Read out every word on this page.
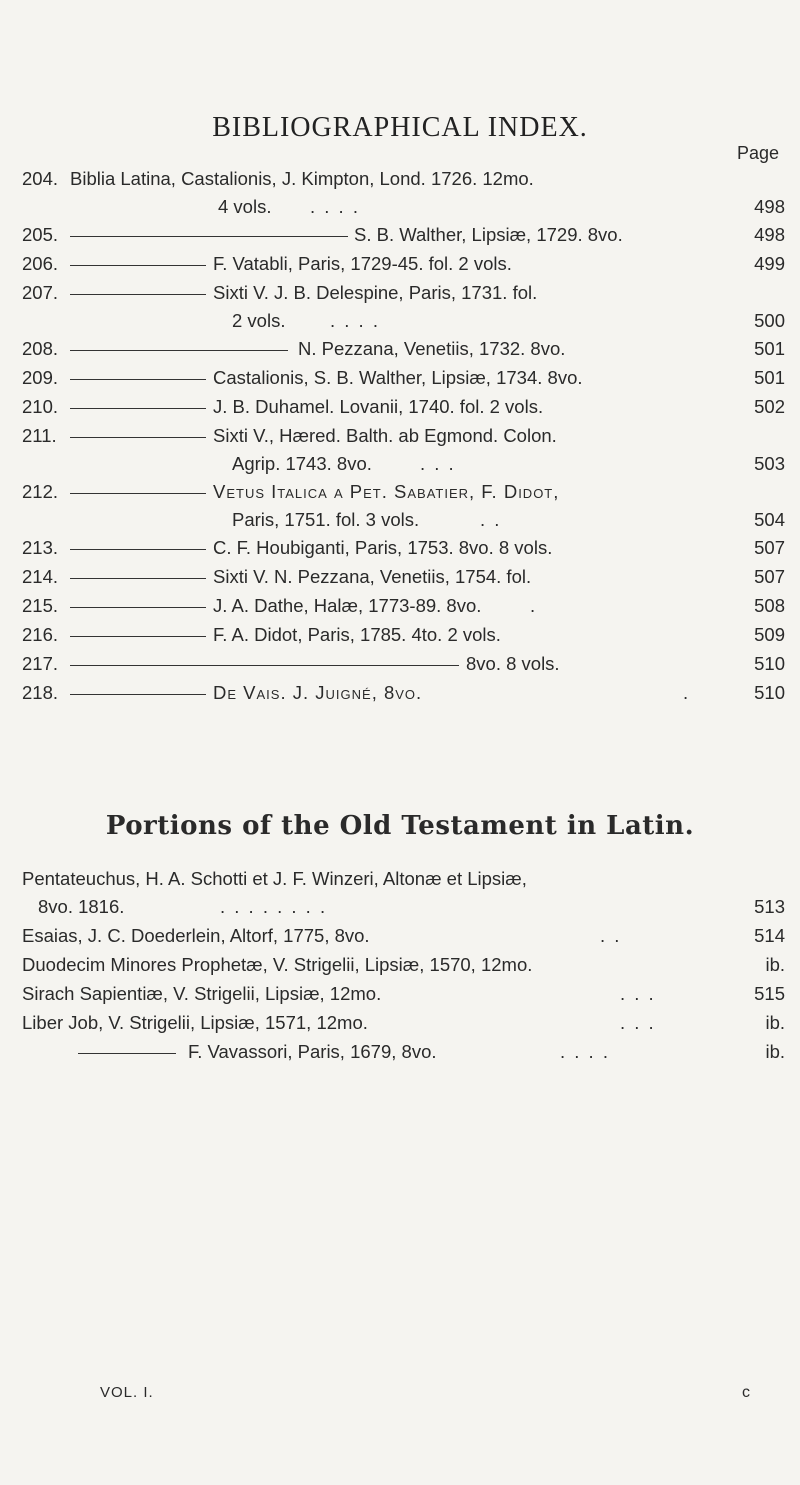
BIBLIOGRAPHICAL INDEX.
Page
204. Biblia Latina, Castalionis, J. Kimpton, Lond. 1726. 12mo.
4 vols. . . . .	498
205.	S. B. Walther, Lipsiæ, 1729. 8vo.	498
206.	F. Vatabli, Paris, 1729-45. fol. 2 vols.	499
207.	Sixti V. J. B. Delespine, Paris, 1731. fol.
2 vols. . . . .	500
208.	N. Pezzana, Venetiis, 1732. 8vo.	501
209.	Castalionis, S. B. Walther, Lipsiæ, 1734. 8vo.	501
210.	J. B. Duhamel. Lovanii, 1740. fol. 2 vols.	502
211.	Sixti V., Hæred. Balth. ab Egmond. Colon.
Agrip. 1743. 8vo.	. . .	503
212.	Vetus Italica a Pet. Sabatier, F. Didot,
Paris, 1751. fol. 3 vols.	. .	504
213.	C. F. Houbiganti, Paris, 1753. 8vo. 8 vols.	507
214.	Sixti V. N. Pezzana, Venetiis, 1754. fol.	507
215.	J. A. Dathe, Halæ, 1773-89. 8vo.	.	508
216.	F. A. Didot, Paris, 1785. 4to. 2 vols.	509
217.	8vo. 8 vols.	510
218.	De Vais. J. Juigné, 8vo.	.	510
Portions of the Old Testament in Latin.
Pentateuchus, H. A. Schotti et J. F. Winzeri, Altonæ et Lipsiæ,
8vo. 1816.	. . . . . . . .	513
Esaias, J. C. Doederlein, Altorf, 1775, 8vo.	. .	514
Duodecim Minores Prophetæ, V. Strigelii, Lipsiæ, 1570, 12mo.	ib.
Sirach Sapientiæ, V. Strigelii, Lipsiæ, 12mo.	. . .	515
Liber Job, V. Strigelii, Lipsiæ, 1571, 12mo.	. . .	ib.
F. Vavassori, Paris, 1679, 8vo.	. . . .	ib.
VOL. I.	c
